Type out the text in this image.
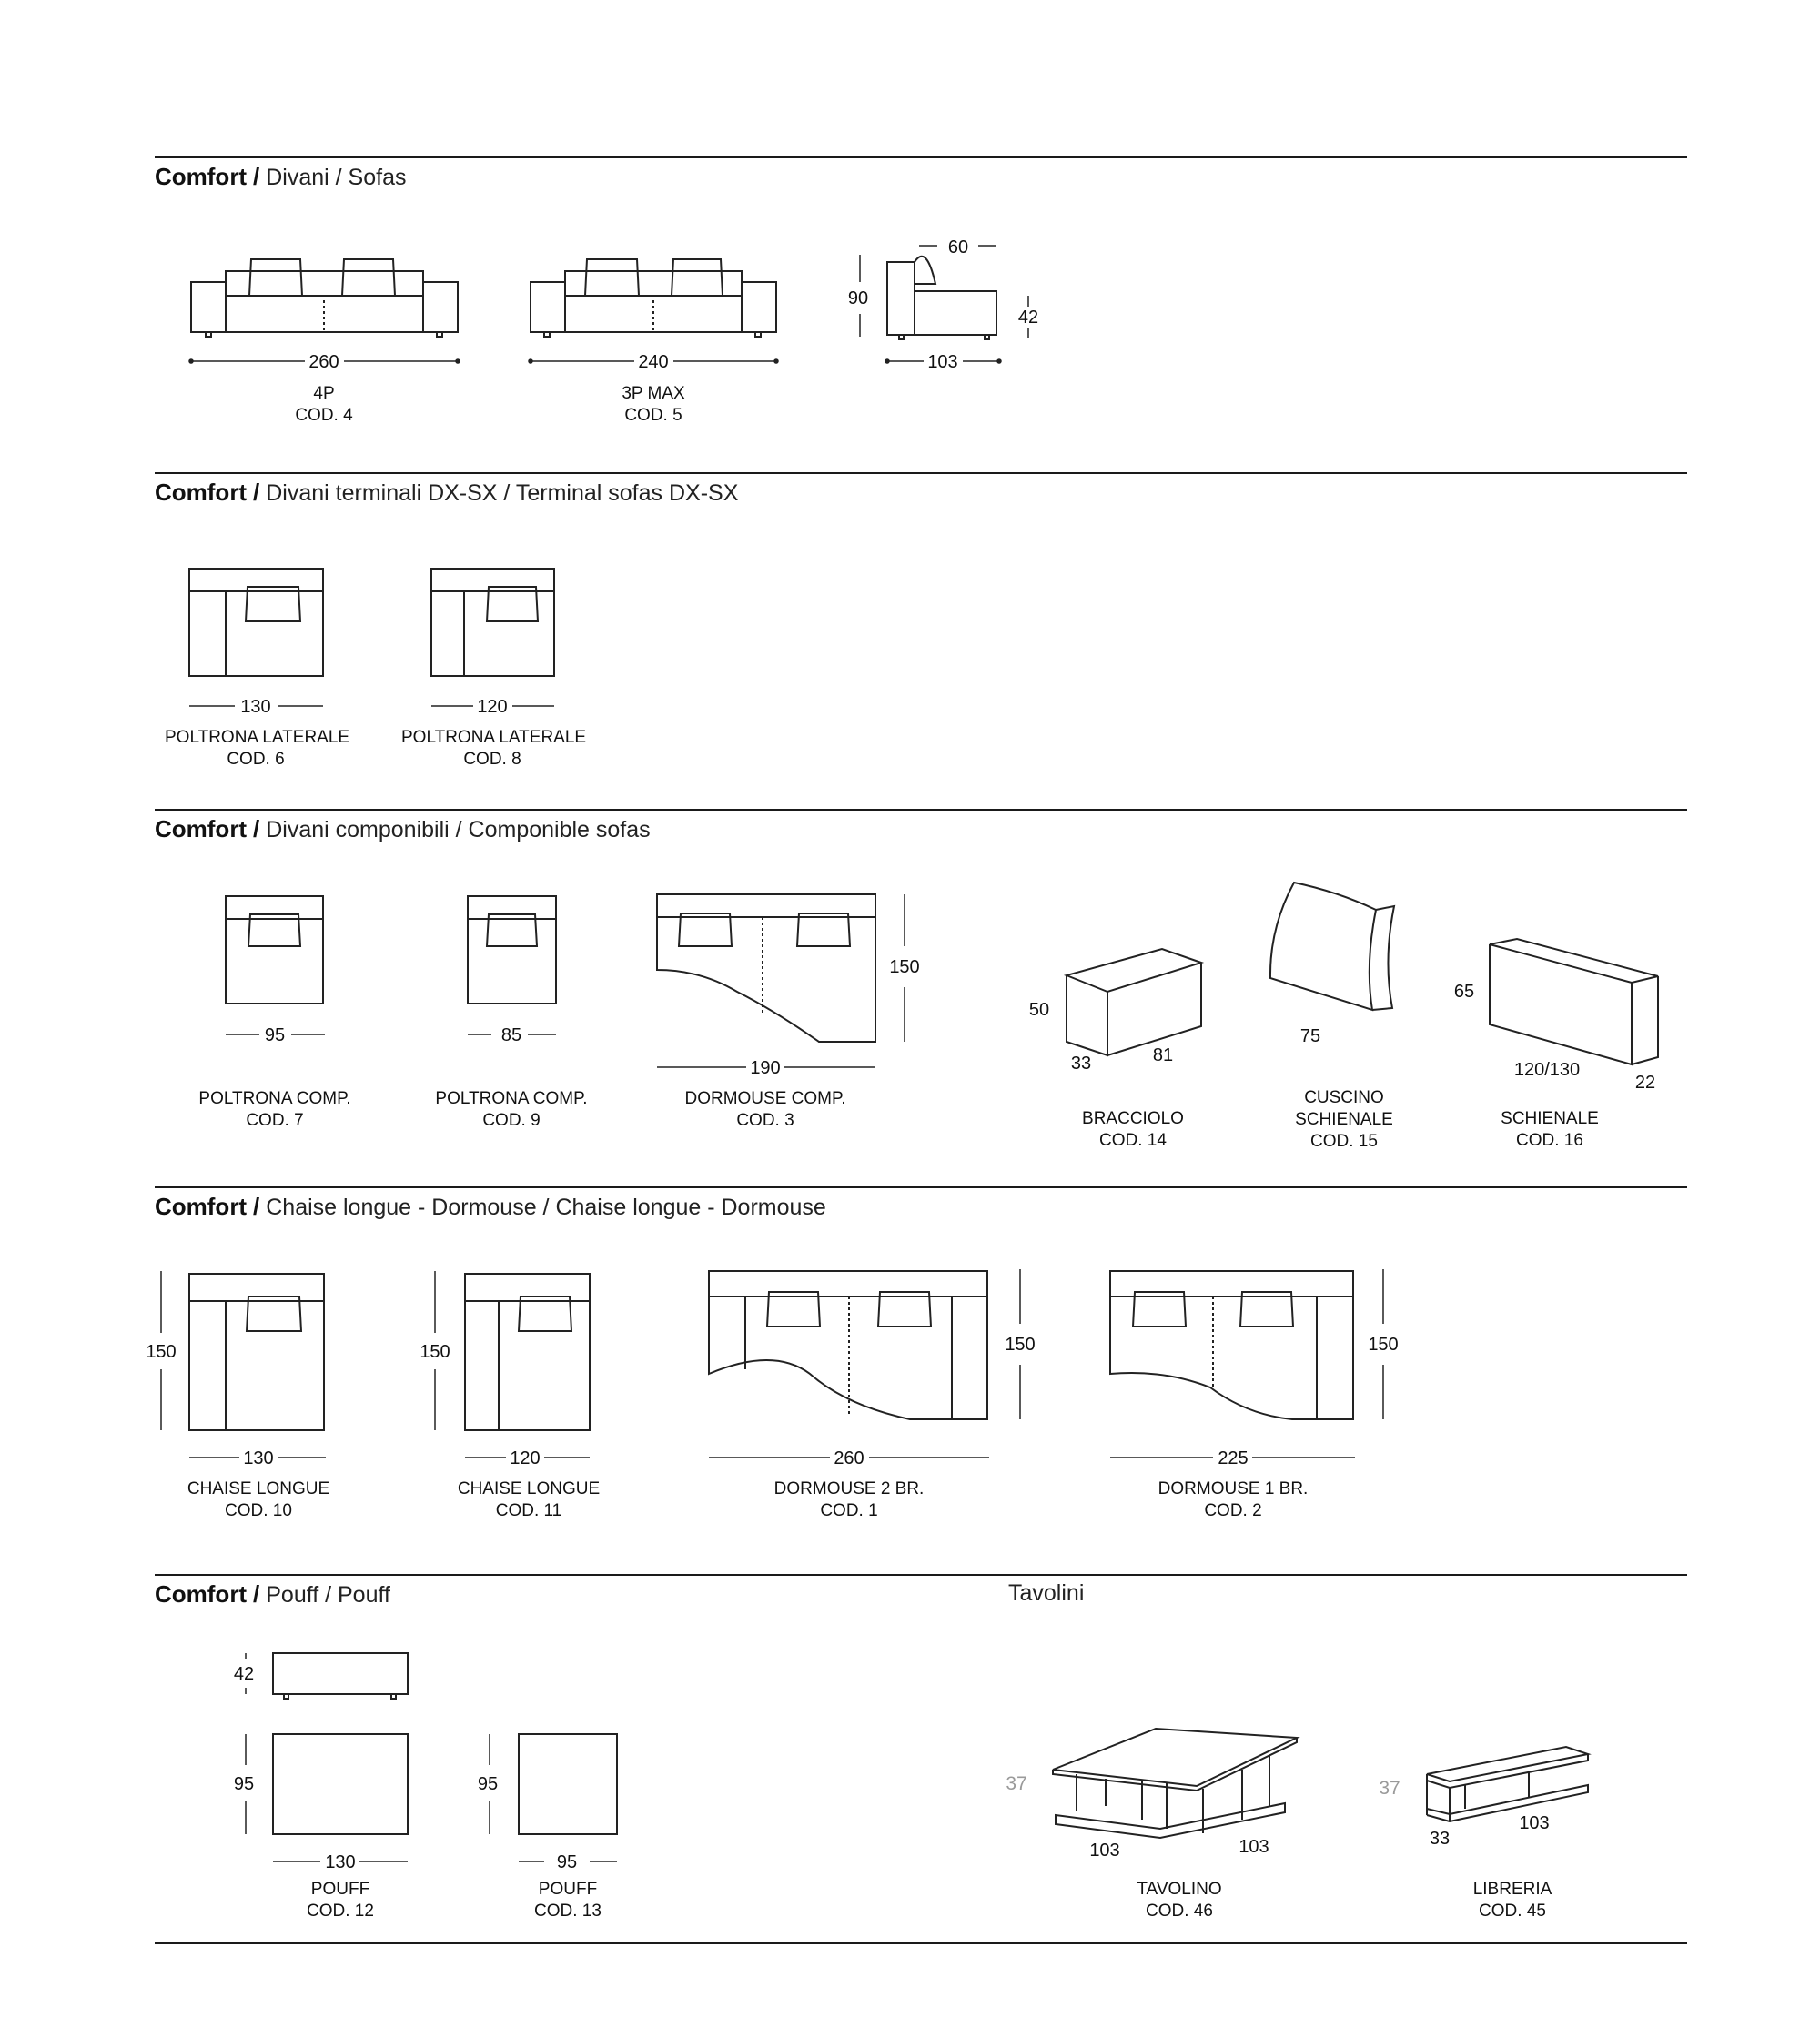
Comfort / Divani / Sofas
Comfort / Divani terminali DX-SX / Terminal sofas DX-SX
Comfort / Divani componibili / Componible sofas
Comfort / Chaise longue - Dormouse / Chaise longue - Dormouse
Comfort / Pouff / Pouff	Tavolini
260	240
60
90
42
103
130	120
95	85
190
150
50
33	81
75
65
120/130
22
150	150
130	120	260	225
150	150
42
95	95
130	95
37
103	103
37
33
103
4P
COD. 4
3P MAX
COD. 5
POLTRONA LATERALE
COD. 6
POLTRONA LATERALE
COD. 8
POLTRONA COMP.
COD. 7
POLTRONA COMP.
COD. 9
DORMOUSE COMP.
COD. 3	BRACCIOLO
COD. 14
CUSCINO
SCHIENALE
COD. 15
SCHIENALE
COD. 16
CHAISE LONGUE
COD. 10
CHAISE LONGUE
COD. 11
DORMOUSE 2 BR.
COD. 1
DORMOUSE 1 BR.
COD. 2
POUFF
COD. 12
POUFF
COD. 13
TAVOLINO
COD. 46
LIBRERIA
COD. 45
